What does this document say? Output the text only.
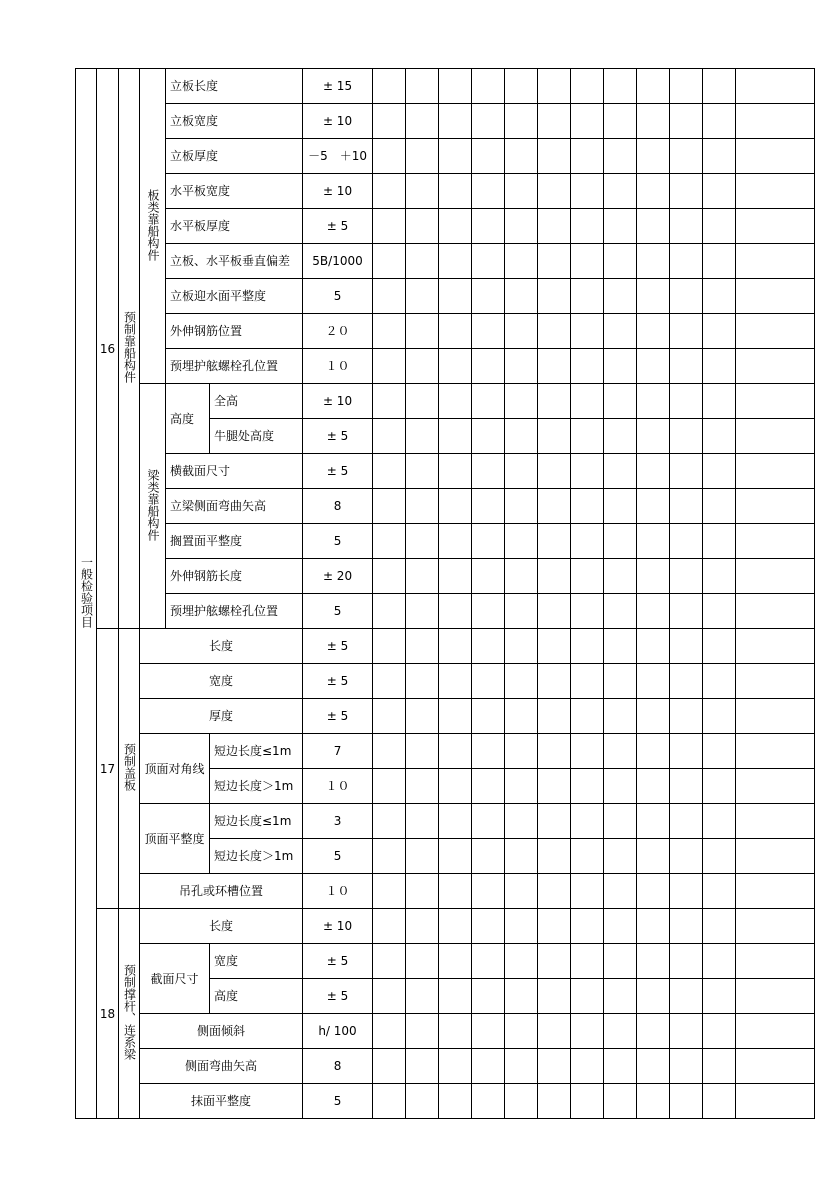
一般检验项目	16	预制靠船构件	板类靠船构件	立板长度		± 15												
				立板宽度		± 10												
				立板厚度		－5　＋10												
				水平板宽度		± 10												
				水平板厚度		± 5												
				立板、水平板垂直偏差		5B/1000												
				立板迎水面平整度		5												
				外伸钢筋位置		２０												
				预埋护舷螺栓孔位置		１０												
			梁类靠船构件	高度	全高	± 10												
					牛腿处高度	± 5												
				横截面尺寸		± 5												
				立梁侧面弯曲矢高		8												
				搁置面平整度		5												
				外伸钢筋长度		± 20												
				预埋护舷螺栓孔位置		5												
	17	预制盖板	长度			± 5												
			宽度			± 5												
			厚度			± 5												
			顶面对角线		短边长度≤1m	7												
					短边长度＞1m	１０												
			顶面平整度		短边长度≤1m	3												
					短边长度＞1m	5												
			吊孔或环槽位置			１０												
	18	预制撑杆、连系梁	长度			± 10												
			截面尺寸		宽度	± 5												
					高度	± 5												
			侧面倾斜			h/ 100												
			侧面弯曲矢高			8												
			抹面平整度			5												
